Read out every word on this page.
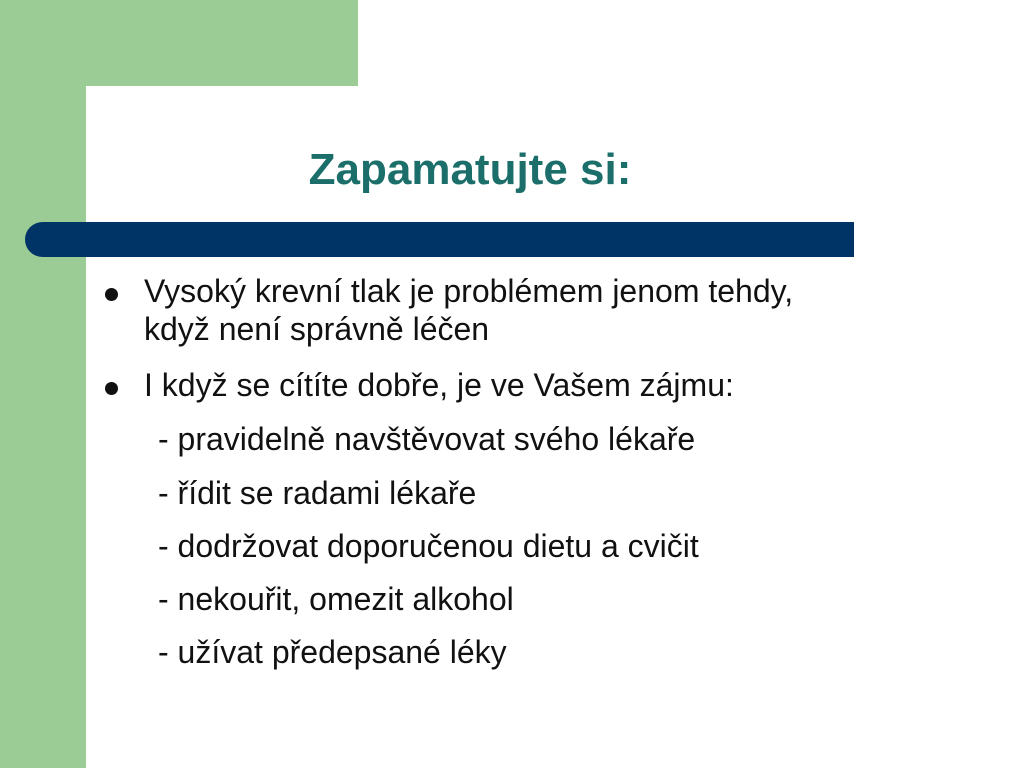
Zapamatujte si:
Vysoký krevní tlak je problémem jenom tehdy, když není správně léčen
I když se cítíte dobře, je ve Vašem zájmu:
- pravidelně navštěvovat svého lékaře
- řídit se radami lékaře
- dodržovat doporučenou dietu a cvičit
- nekouřit, omezit alkohol
- užívat předepsané léky
